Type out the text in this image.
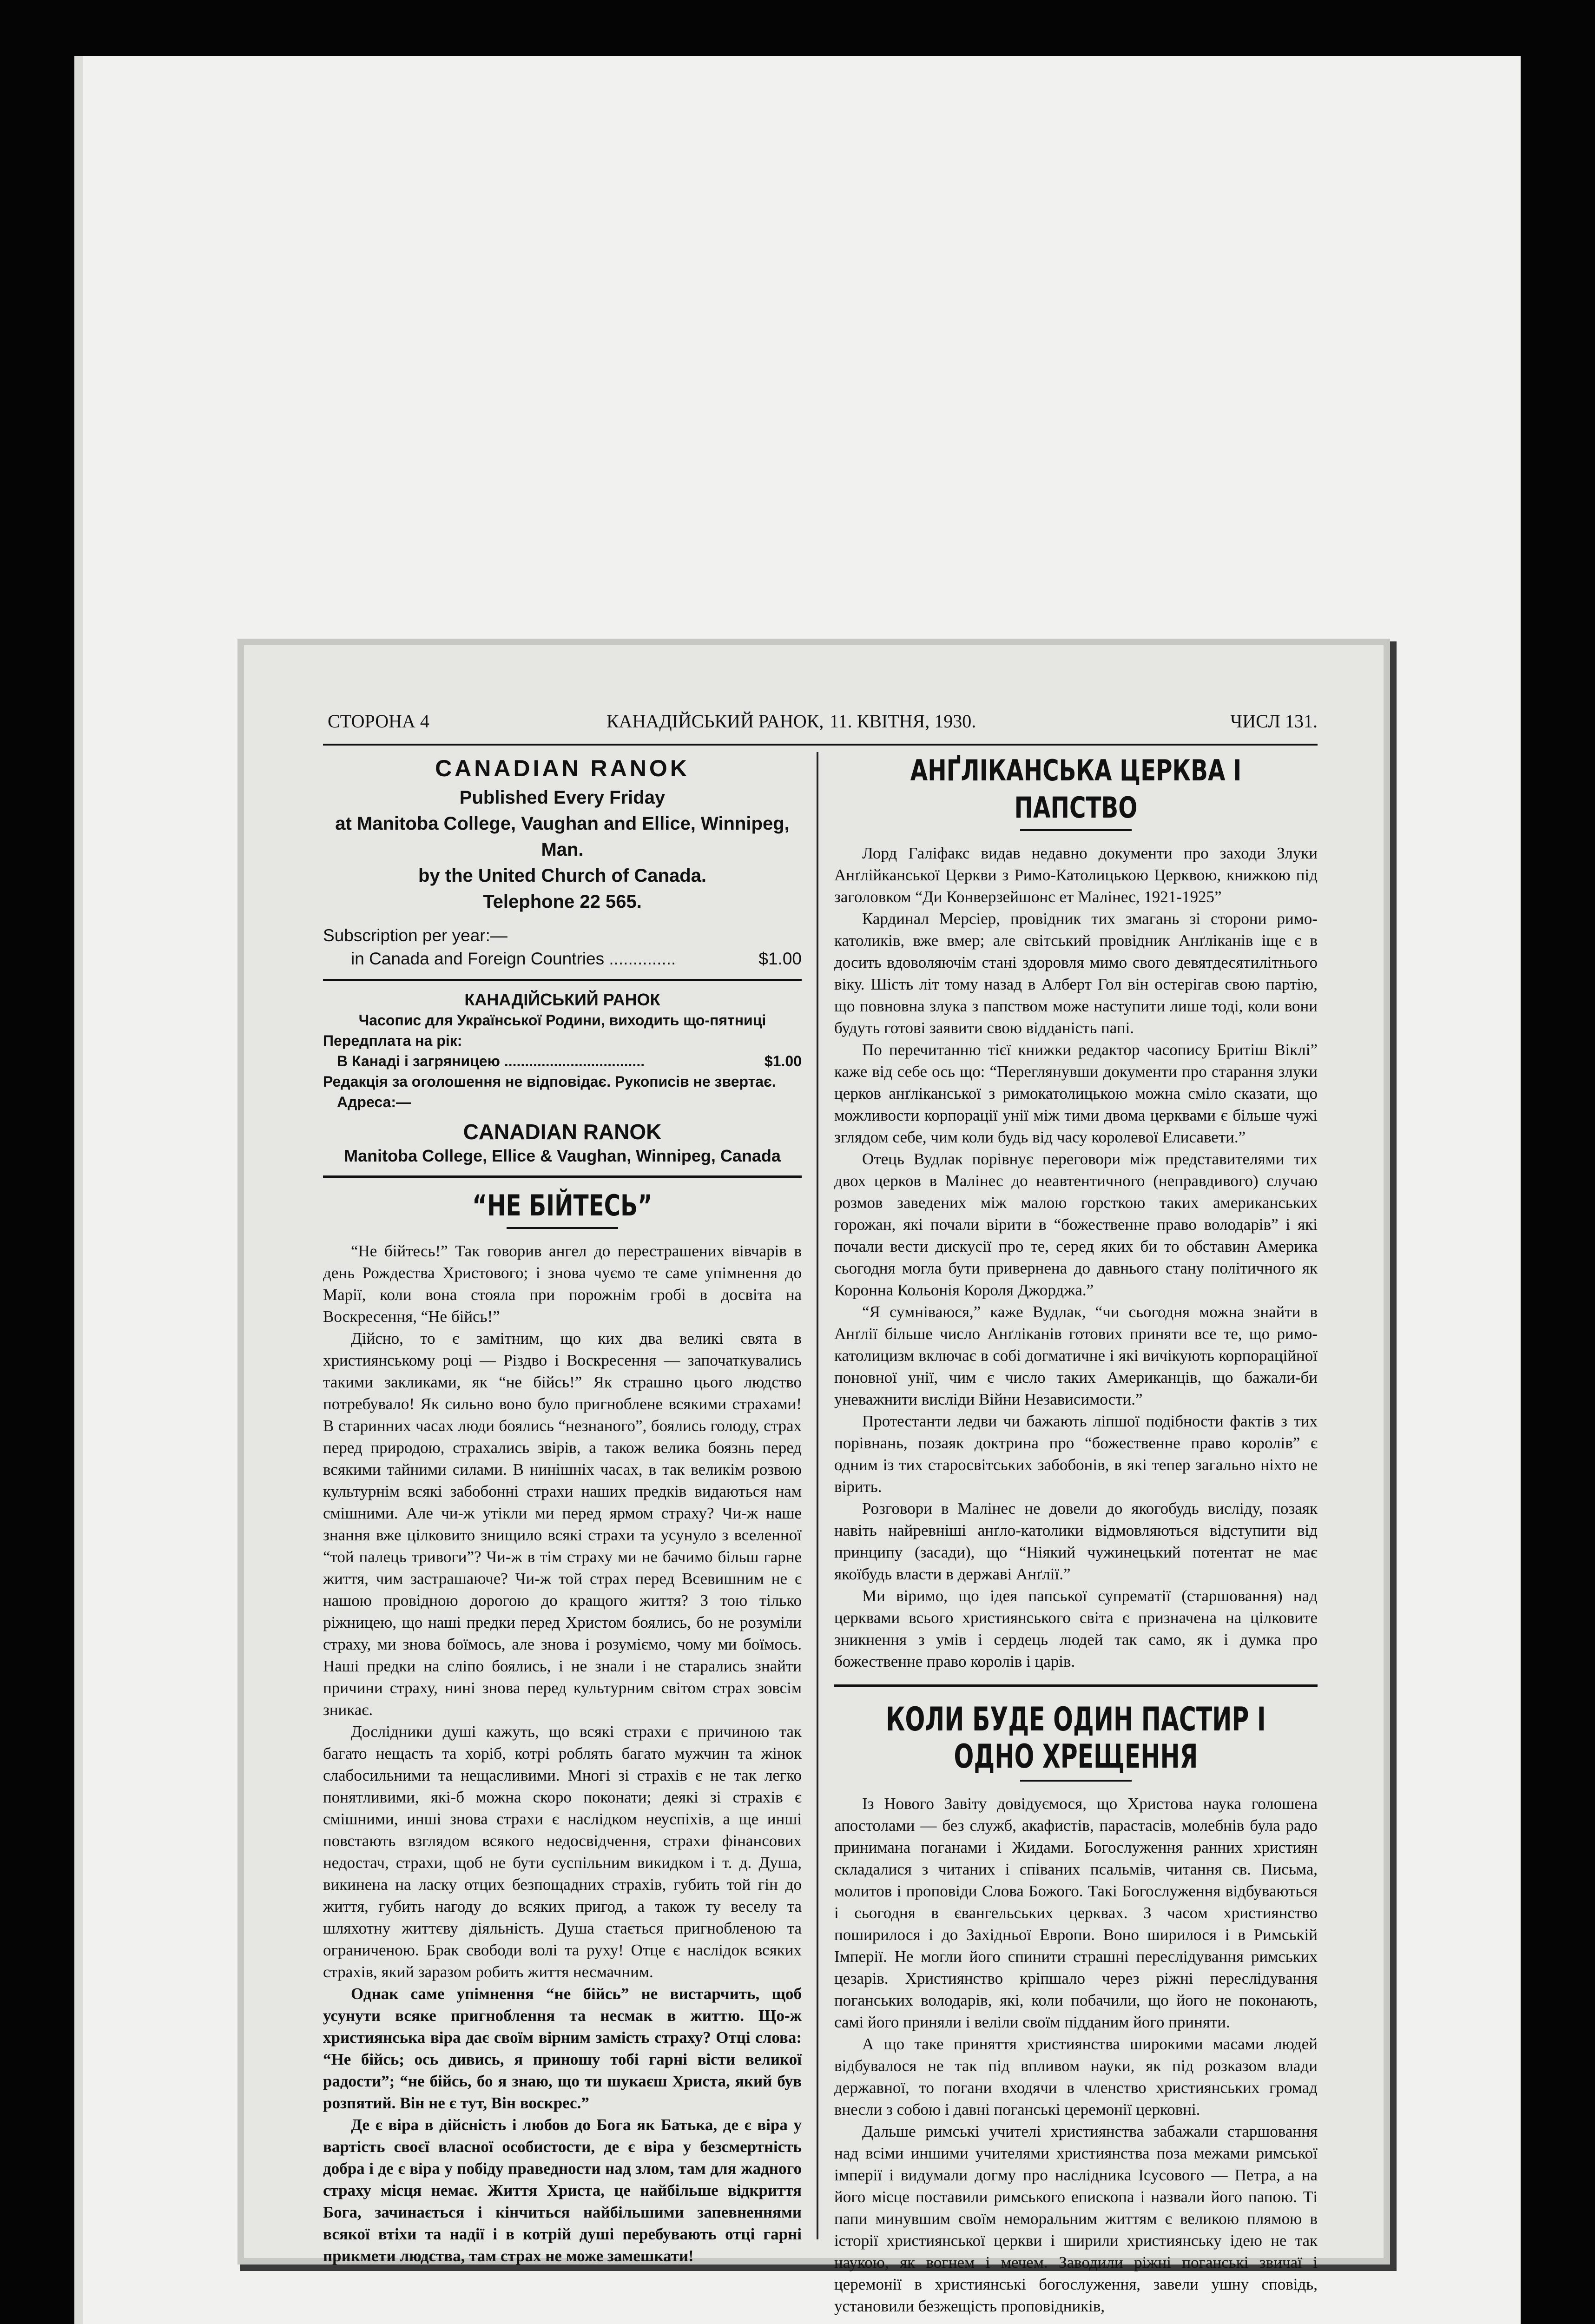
СТОРОНА 4	КАНАДІЙСЬКИЙ РАНОК, 11. КВІТНЯ, 1930.	ЧИСЛ 131.
CANADIAN RANOK
Published Every Friday
at Manitoba College, Vaughan and Ellice, Winnipeg, Man.
by the United Church of Canada.
Telephone 22 565.
Subscription per year:—
in Canada and Foreign Countries ..............	$1.00
КАНАДІЙСЬКИЙ РАНОК
Часопис для Української Родини, виходить що-пятниці
Передплата на рік:
В Канаді і загряницею ..................................	$1.00
Редакція за оголошення не відповідає. Рукописів не звертає.
Адреса:—
CANADIAN RANOK
Manitoba College, Ellice & Vaughan, Winnipeg, Canada
“НЕ БІЙТЕСЬ”

“Не бійтесь!” Так говорив ангел до перестрашених вівчарів в день Рождества Христового; і знова чуємо те саме упімнення до Марії, коли вона стояла при порожнім гробі в досвіта на Воскресення, “Не бійсь!”

Дійсно, то є замітним, що ких два великі свята в християнському році — Різдво і Воскресення — започаткувались такими закликами, як “не бійсь!” Як страшно цього людство потребувало! Як сильно воно було пригноблене всякими страхами! В старинних часах люди боялись “незнаного”, боялись голоду, страх перед природою, страхались звірів, а також велика боязнь перед всякими тайними силами. В нинішніх часах, в так великім розвою культурнім всякі забобонні страхи наших предків видаються нам смішними. Але чи-ж утікли ми перед ярмом страху? Чи-ж наше знання вже цілковито знищило всякі страхи та усунуло з вселенної “той палець тривоги”? Чи-ж в тім страху ми не бачимо більш гарне життя, чим застрашаюче? Чи-ж той страх перед Всевишним не є нашою провідною дорогою до кращого життя? З тою тілько ріжницею, що наші предки перед Христом боялись, бо не розуміли страху, ми знова боїмось, але знова і розуміємо, чому ми боїмось. Наші предки на сліпо боялись, і не знали і не старались знайти причини страху, нині знова перед культурним світом страх зовсім зникає.

Дослідники душі кажуть, що всякі страхи є причиною так багато нещасть та хоріб, котрі роблять багато мужчин та жінок слабосильними та нещасливими. Многі зі страхів є не так легко понятливими, які-б можна скоро поконати; деякі зі страхів є смішними, инші знова страхи є наслідком неуспіхів, а ще инші повстають взглядом всякого недосвідчення, страхи фінансових недостач, страхи, щоб не бути суспільним викидком і т. д. Душа, викинена на ласку отцих безпощадних страхів, губить той гін до життя, губить нагоду до всяких пригод, а також ту веселу та шляхотну життєву діяльність. Душа стається пригнобленою та ограниченою. Брак свободи волі та руху! Отце є наслідок всяких страхів, який заразом робить життя несмачним.

Однак саме упімнення “не бійсь” не вистарчить, щоб усунути всяке пригноблення та несмак в життю. Що-ж християнська віра дає своїм вірним замість страху? Отці слова: “Не бійсь; ось дивись, я приношу тобі гарні вісти великої радости”; “не бійсь, бо я знаю, що ти шукаєш Христа, який був розпятий. Він не є тут, Він воскрес.”

Де є віра в дійсність і любов до Бога як Батька, де є віра у вартість своєї власної особистости, де є віра у безсмертність добра і де є віра у побіду праведности над злом, там для жадного страху місця немає. Життя Христа, це найбільше відкриття Бога, зачинається і кінчиться найбільшими запевненнями всякої втіхи та надії і в котрій душі перебувають отці гарні прикмети людства, там страх не може замешкати!

АНҐЛІКАНСЬКА ЦЕРКВА І ПАПСТВО

Лорд Галіфакс видав недавно документи про заходи Злуки Анґлійканської Церкви з Римо-Католицькою Церквою, книжкою під заголовком “Ди Конверзейшонс ет Малінес, 1921-1925”

Кардинал Мерсіер, провідник тих змагань зі сторони римо-католиків, вже вмер; але світський провідник Анґліканів іще є в досить вдоволяючім стані здоровля мимо свого девятдесятилітнього віку. Шість літ тому назад в Алберт Гол він остерігав свою партію, що повновна злука з папством може наступити лише тоді, коли вони будуть готові заявити свою віддaність папі.

По перечитанню тієї книжки редактор часопису Бритіш Віклі” каже від себе ось що: “Переглянувши документи про старання злуки церков анґліканської з римокатолицькою можна сміло сказати, що можливости корпорації унії між тими двома церквами є більше чужі зглядом себе, чим коли будь від часу королевої Елисавети.”

Отець Вудлак порівнує переговори між представителями тих двох церков в Малінес до неавтентичного (неправдивого) случаю розмов заведених між малою горсткою таких американських горожан, які почали вірити в “божественне право володарів” і які почали вести дискусії про те, серед яких би то обставин Америка сьогодня могла бути привернена до давнього стану політичного як Коронна Кольонія Короля Джорджа.”

“Я сумніваюся,” каже Вудлак, “чи сьогодня можна знайти в Анґлії більше число Анґліканів готових приняти все те, що римо-католицизм включає в собі догматичне і які вичікують корпораційної поновної унії, чим є число таких Американців, що бажали-би уневажнити вислiди Війни Независимости.”

Протестанти ледви чи бажають ліпшої подібности фактів з тих порівнань, позаяк доктрина про “божественне право королів” є одним із тих старосвітських забобонів, в які тепер загально ніхто не вірить.

Розговори в Малінес не довели до якогобудь висліду, позаяк навіть найревніші анґло-католики відмовляються відступити від принципу (засади), що “Ніякий чужинецький потентат не має якоїбудь власти в державі Анґлії.”

Ми віримо, що ідея папської супремaтії (старшовання) над церквами всього християнського світа є призначена на цілковите зникнення з умів і сердець людей так само, як і думка про божественне право королів і царів.

КОЛИ БУДЕ ОДИН ПАСТИР І ОДНО ХРЕЩЕННЯ

Із Нового Завіту довідуємося, що Христова наука голошена апостолами — без служб, акафистів, парастасів, молебнів була радо принимана поганами і Жидами. Богослуження ранних християн складалися з читаних і співаних псальмів, читання св. Письма, молитов і проповіди Слова Божого. Такі Богослуження відбуваються і сьогодня в євангельських церквах. З часом християнство поширилося і до Західньої Европи. Воно ширилося і в Римській Імперії. Не могли його спинити страшні переслідування римських цезарів. Християнство кріпшало через ріжні переслідування поганських володарів, які, коли побачили, що його не поконають, самі його приняли і велiли своїм підданим його приняти.

А що таке приняття християнства широкими масами людей відбувалося не так під впливом науки, як під розказом влади державної, то погани входячи в членство християнських громад внесли з собою і давні поганські церемонії церковні.

Дальше римські учителі християнства забажали старшовання над всіми иншими учителями християнства поза межами римської імперії і видумали догму про наслідника Ісусового — Петра, а на його місце поставили римського епископа і назвали його папою. Ті папи минувшим своїм неморальним життям є великою плямою в історії християнської церкви і ширили християнську ідею не так наукою, як вогнем і мечем. Заводили ріжні поганські звичаї і церемонії в християнські богослуження, завели ушну сповідь, установили безжещість проповідників,
